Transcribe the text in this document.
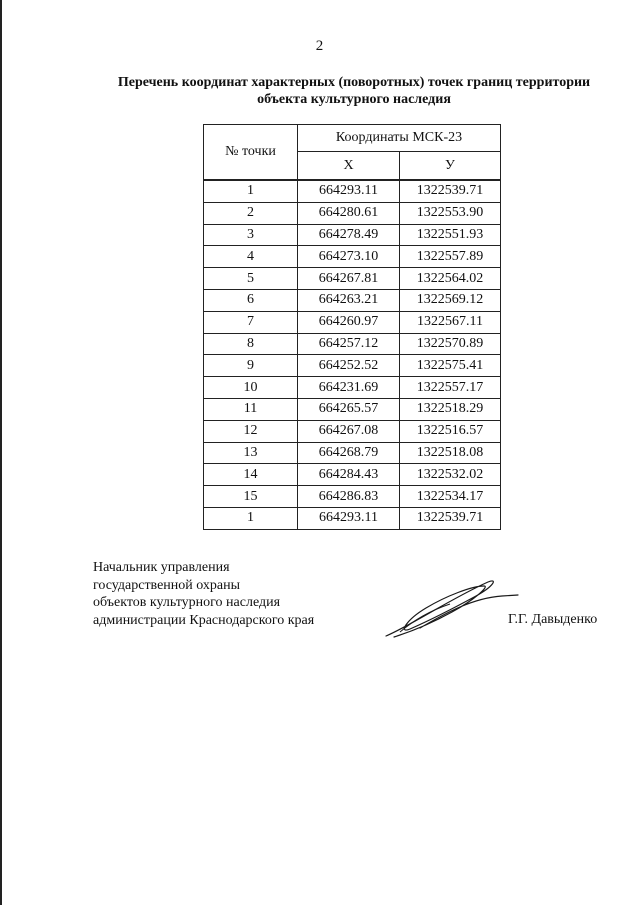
2
Перечень координат характерных (поворотных) точек границ территории
объекта культурного наследия
№ точки	Координаты МСК-23	
	X	У
1	664293.11	1322539.71
2	664280.61	1322553.90
3	664278.49	1322551.93
4	664273.10	1322557.89
5	664267.81	1322564.02
6	664263.21	1322569.12
7	664260.97	1322567.11
8	664257.12	1322570.89
9	664252.52	1322575.41
10	664231.69	1322557.17
11	664265.57	1322518.29
12	664267.08	1322516.57
13	664268.79	1322518.08
14	664284.43	1322532.02
15	664286.83	1322534.17
1	664293.11	1322539.71
Начальник управления
государственной охраны
объектов культурного наследия
администрации Краснодарского края	Г.Г. Давыденко
